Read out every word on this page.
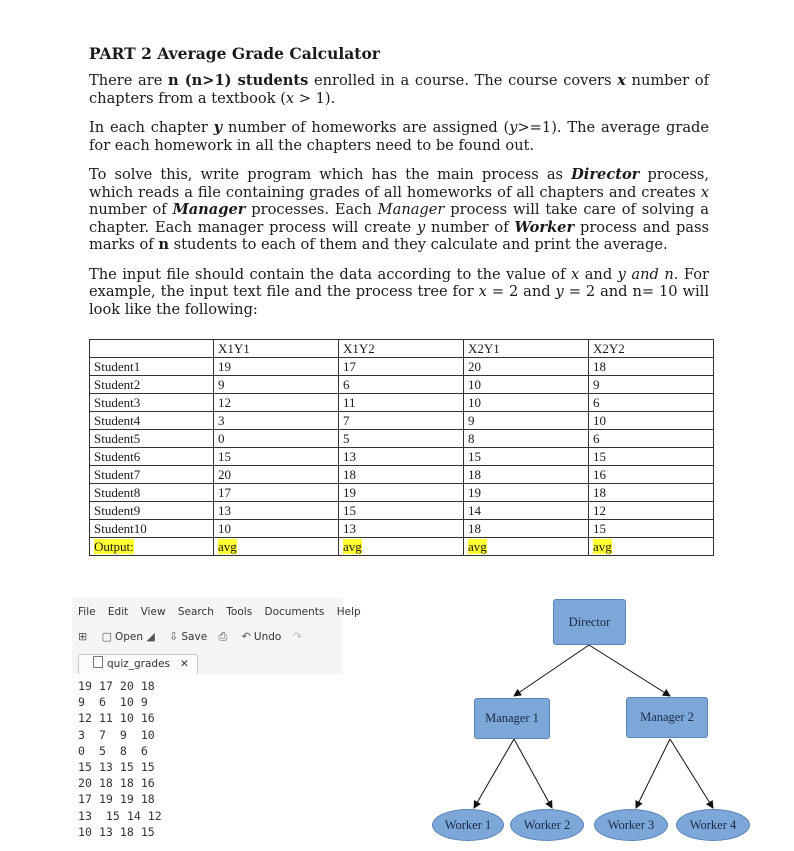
PART 2 Average Grade Calculator

There are n (n>1) students enrolled in a course. The course covers x number of chapters from a textbook (x > 1).

In each chapter y number of homeworks are assigned (y>=1). The average grade for each homework in all the chapters need to be found out.

To solve this, write program which has the main process as Director process, which reads a file containing grades of all homeworks of all chapters and creates x number of Manager processes. Each Manager process will take care of solving a chapter. Each manager process will create y number of Worker process and pass marks of n students to each of them and they calculate and print the average.

The input file should contain the data according to the value of x and y and n. For example, the input text file and the process tree for x = 2 and y = 2 and n= 10 will look like the following:

	X1Y1	X1Y2	X2Y1	X2Y2
Student1	19	17	20	18
Student2	9	6	10	9
Student3	12	11	10	6
Student4	3	7	9	10
Student5	0	5	8	6
Student6	15	13	15	15
Student7	20	18	18	16
Student8	17	19	19	18
Student9	13	15	14	12
Student10	10	13	18	15
Output:	avg	avg	avg	avg
File Edit View Search Tools Documents Help
⊞ ▢ Open ◢ ⇩ Save ⎙ ↶ Undo ↷
quiz_grades ✕
19 17 20 18
9  6  10 9
12 11 10 16
3  7  9  10
0  5  8  6
15 13 15 15
20 18 18 16
17 19 19 18
13  15 14 12
10 13 18 15
Director
Manager 1	Manager 2
Worker 1	Worker 2	Worker 3	Worker 4
